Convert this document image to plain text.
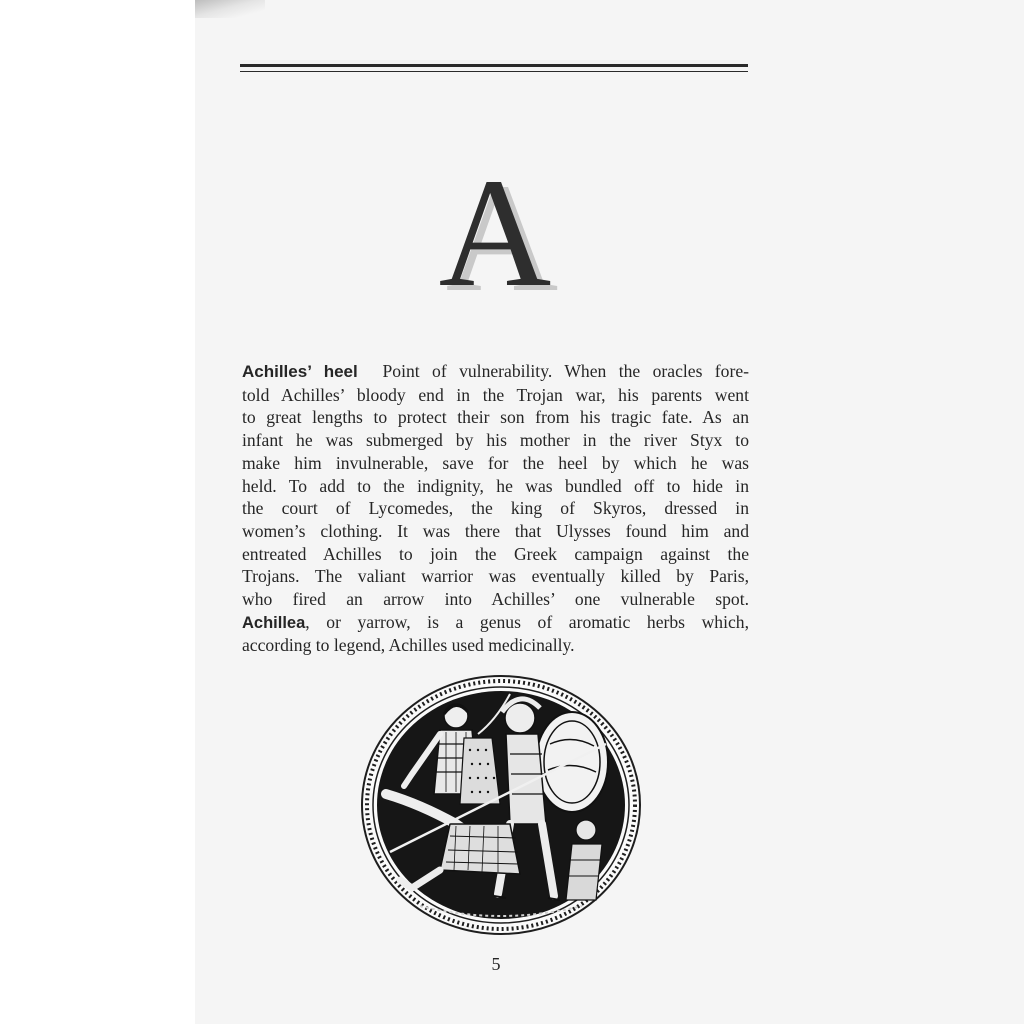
A
Achilles’ heel Point of vulnerability. When the oracles fore-
told Achilles’ bloody end in the Trojan war, his parents went
to great lengths to protect their son from his tragic fate. As an
infant he was submerged by his mother in the river Styx to
make him invulnerable, save for the heel by which he was
held. To add to the indignity, he was bundled off to hide in
the court of Lycomedes, the king of Skyros, dressed in
women’s clothing. It was there that Ulysses found him and
entreated Achilles to join the Greek campaign against the
Trojans. The valiant warrior was eventually killed by Paris,
who fired an arrow into Achilles’ one vulnerable spot.
Achillea, or yarrow, is a genus of aromatic herbs which,
according to legend, Achilles used medicinally.
5
